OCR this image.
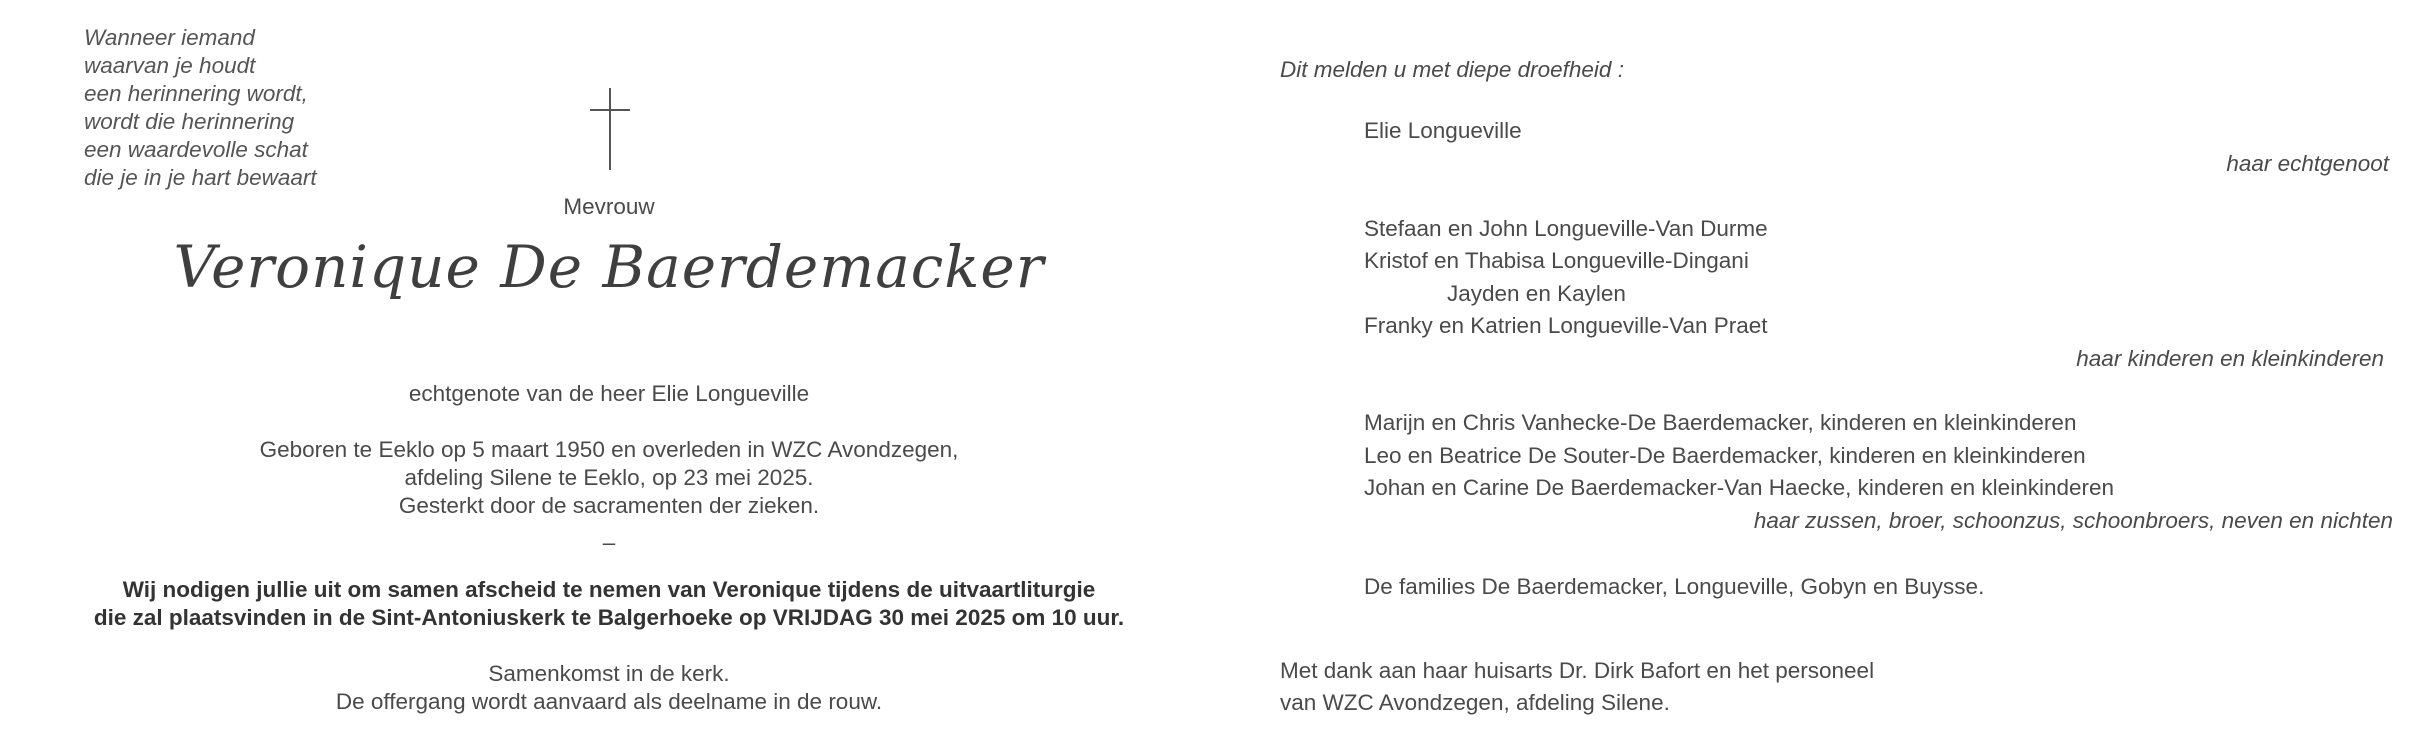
Wanneer iemand
waarvan je houdt
een herinnering wordt,
wordt die herinnering
een waardevolle schat
die je in je hart bewaart
Mevrouw
Veronique De Baerdemacker
echtgenote van de heer Elie Longueville
Geboren te Eeklo op 5 maart 1950 en overleden in WZC Avondzegen,
afdeling Silene te Eeklo, op 23 mei 2025.
Gesterkt door de sacramenten der zieken.
–
Wij nodigen jullie uit om samen afscheid te nemen van Veronique tijdens de uitvaartliturgie
die zal plaatsvinden in de Sint-Antoniuskerk te Balgerhoeke op VRIJDAG 30 mei 2025 om 10 uur.
Samenkomst in de kerk.
De offergang wordt aanvaard als deelname in de rouw.
Dit melden u met diepe droefheid :
Elie Longueville
haar echtgenoot
Stefaan en John Longueville-Van Durme
Kristof en Thabisa Longueville-Dingani
Jayden en Kaylen
Franky en Katrien Longueville-Van Praet
haar kinderen en kleinkinderen
Marijn en Chris Vanhecke-De Baerdemacker, kinderen en kleinkinderen
Leo en Beatrice De Souter-De Baerdemacker, kinderen en kleinkinderen
Johan en Carine De Baerdemacker-Van Haecke, kinderen en kleinkinderen
haar zussen, broer, schoonzus, schoonbroers, neven en nichten
De families De Baerdemacker, Longueville, Gobyn en Buysse.
Met dank aan haar huisarts Dr. Dirk Bafort en het personeel
van WZC Avondzegen, afdeling Silene.
